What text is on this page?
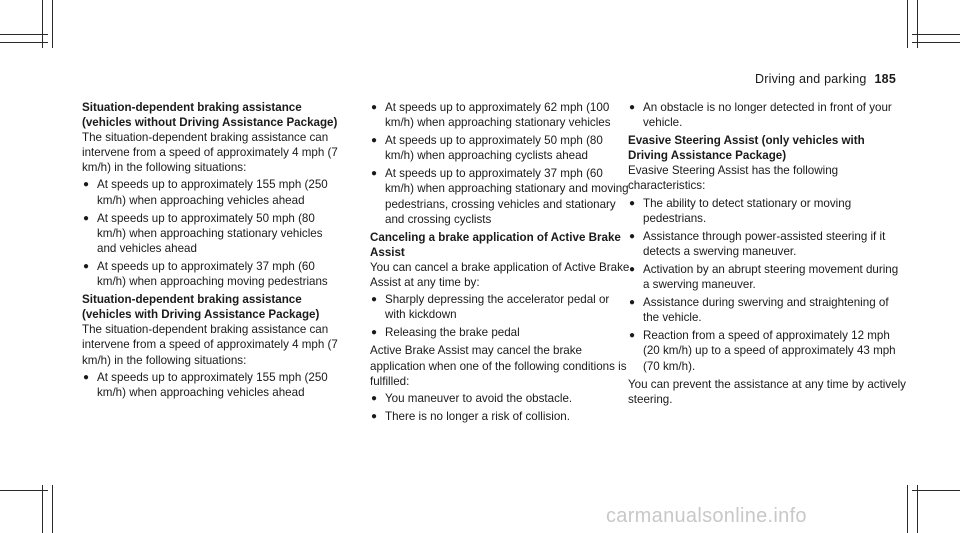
Driving and parking 185
Situation-dependent braking assistance (vehicles without Driving Assistance Package)

The situation-dependent braking assistance can intervene from a speed of approximately 4 mph (7 km/h) in the following situations:

● At speeds up to approximately 155 mph (250 km/h) when approaching vehicles ahead
● At speeds up to approximately 50 mph (80 km/h) when approaching stationary vehicles and vehicles ahead
● At speeds up to approximately 37 mph (60 km/h) when approaching moving pedestrians
Situation-dependent braking assistance (vehicles with Driving Assistance Package)

The situation-dependent braking assistance can intervene from a speed of approximately 4 mph (7 km/h) in the following situations:

● At speeds up to approximately 155 mph (250 km/h) when approaching vehicles ahead
● At speeds up to approximately 62 mph (100 km/h) when approaching stationary vehicles
● At speeds up to approximately 50 mph (80 km/h) when approaching cyclists ahead
● At speeds up to approximately 37 mph (60 km/h) when approaching stationary and moving pedestrians, crossing vehicles and stationary and crossing cyclists
Canceling a brake application of Active Brake Assist

You can cancel a brake application of Active Brake Assist at any time by:

● Sharply depressing the accelerator pedal or with kickdown
● Releasing the brake pedal

Active Brake Assist may cancel the brake application when one of the following conditions is fulfilled:

● You maneuver to avoid the obstacle.
● There is no longer a risk of collision.
● An obstacle is no longer detected in front of your vehicle.
Evasive Steering Assist (only vehicles with Driving Assistance Package)

Evasive Steering Assist has the following characteristics:

● The ability to detect stationary or moving pedestrians.
● Assistance through power-assisted steering if it detects a swerving maneuver.
● Activation by an abrupt steering movement during a swerving maneuver.
● Assistance during swerving and straightening of the vehicle.
● Reaction from a speed of approximately 12 mph (20 km/h) up to a speed of approximately 43 mph (70 km/h).

You can prevent the assistance at any time by actively steering.

carmanualsonline.info
